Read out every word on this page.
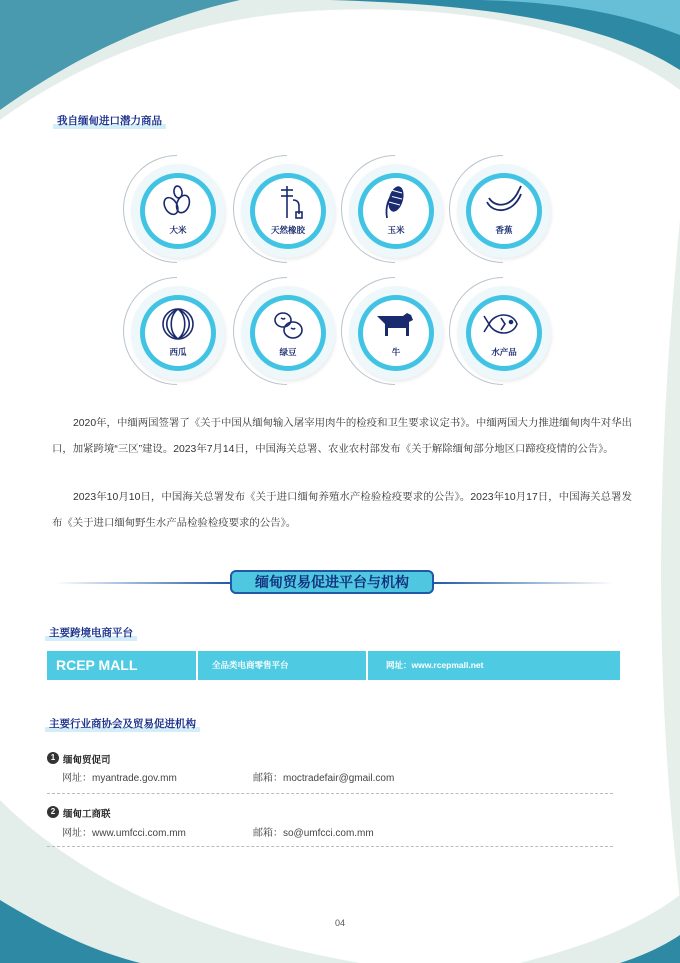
我自缅甸进口潜力商品
大米	天然橡胶	玉米	香蕉
西瓜	绿豆	牛	水产品
2020年，中缅两国签署了《关于中国从缅甸输入屠宰用肉牛的检疫和卫生要求议定书》。中缅两国大力推进缅甸肉牛对华出口，加紧跨境“三区”建设。2023年7月14日，中国海关总署、农业农村部发布《关于解除缅甸部分地区口蹄疫疫情的公告》。
2023年10月10日，中国海关总署发布《关于进口缅甸养殖水产检验检疫要求的公告》。2023年10月17日，中国海关总署发布《关于进口缅甸野生水产品检验检疫要求的公告》。
缅甸贸易促进平台与机构
主要跨境电商平台
RCEP MALL	全品类电商零售平台	网址：www.rcepmall.net
主要行业商协会及贸易促进机构
1 缅甸贸促司
网址：myantrade.gov.mm	邮箱：moctradefair@gmail.com
2 缅甸工商联
网址：www.umfcci.com.mm	邮箱：so@umfcci.com.mm
04
